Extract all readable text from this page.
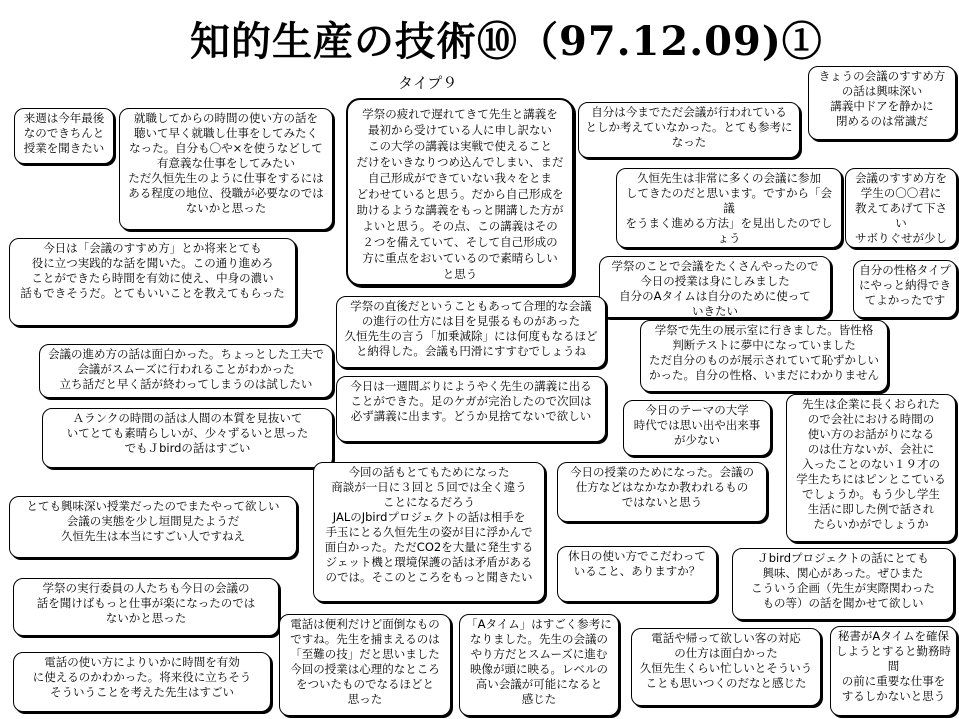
知的生産の技術⑩（97.12.09)①
タイプ９
来週は今年最後
なのできちんと
授業を聞きたい
就職してからの時間の使い方の話を
聴いて早く就職し仕事をしてみたく
なった。自分も〇や×を使うなどして
有意義な仕事をしてみたい
ただ久恒先生のように仕事をするには
ある程度の地位、役職が必要なのでは
ないかと思った
学祭の疲れで遅れてきて先生と講義を
最初から受けている人に申し訳ない
この大学の講義は実戦で使えること
だけをいきなりつめ込んでしまい、まだ
自己形成ができていない我々をとま
どわせていると思う。だから自己形成を
助けるような講義をもっと開講した方が
よいと思う。その点、この講義はその
２つを備えていて、そして自己形成の
方に重点をおいているので素晴らしい
と思う
自分は今までただ会議が行われている
としか考えていなかった。とても参考に
なった
きょうの会議のすすめ方
の話は興味深い
講義中ドアを静かに
閉めるのは常識だ
久恒先生は非常に多くの会議に参加
してきたのだと思います。ですから「会議
をうまく進める方法」を見出したのでしょう

会議のすすめ方を
学生の〇〇君に
教えてあげて下さい
サボりぐせが少し

今日は「会議のすすめ方」とか将来とても
役に立つ実践的な話を聞いた。この通り進めろ
ことができたら時間を有効に使え、中身の濃い
話もできそうだ。とてもいいことを教えてもらった
学祭のことで会議をたくさんやったので
今日の授業は身にしみました
自分のAタイムは自分のために使って
いきたい
自分の性格タイプ
にやっと納得でき
てよかったです
学祭の直後だということもあって合理的な会議
の進行の仕方には目を見張るものがあった
久恒先生の言う「加乗減除」には何度もなるほど
と納得した。会議も円滑にすすむでしょうね
学祭で先生の展示室に行きました。皆性格
判断テストに夢中になっていました
ただ自分のものが展示されていて恥ずかしい
かった。自分の性格、いまだにわかりません
会議の進め方の話は面白かった。ちょっとした工夫で
会議がスムーズに行われることがわかった
立ち話だと早く話が終わってしまうのは試したい	今日は一週間ぶりにようやく先生の講義に出る
ことができた。足のケガが完治したので次回は
必ず講義に出ます。どうか見捨てないで欲しい
Ａランクの時間の話は人間の本質を見抜いて
いてとても素晴らしいが、少々ずるいと思った
でもＪbirdの話はすごい
今日のテーマの大学
時代では思い出や出来事
が少ない
先生は企業に長くおられた
ので会社における時間の
使い方のお話がりになる
のは仕方ないが、会社に
入ったことのない１９才の
学生たちにはピンとこている
でしょうか。もう少し学生
生活に即した例で話され
たらいかがでしょうか
今回の話もとてもためになった
商談が一日に３回と５回では全く違う
ことになるだろう
JALのJbirdプロジェクトの話は相手を
手玉にとる久恒先生の姿が目に浮かんで
面白かった。ただCO2を大量に発生する
ジェット機と環境保護の話は矛盾がある
のでは。そこのところをもっと聞きたい
今日の授業のためになった。会議の
仕方などはなかなか教われるもの
ではないと思う
とても興味深い授業だったのでまたやって欲しい
会議の実態を少し垣間見たようだ
久恒先生は本当にすごい人ですねえ
休日の使い方でこだわって
いること、ありますか？
Ｊbirdプロジェクトの話にとても
興味、関心があった。ぜひまた
こういう企画（先生が実際関わった
もの等）の話を聞かせて欲しい
学祭の実行委員の人たちも今日の会議の
話を聞けばもっと仕事が楽になったのでは
ないかと思った	電話は便利だけど面倒なもの
ですね。先生を捕まえるのは
「至難の技」だと思いました
今回の授業は心理的なところ
をついたものでなるほどと
思った
「Aタイム」はすごく参考に
なりました。先生の会議の
やり方だとスムーズに進む
映像が頭に映る。レベルの
高い会議が可能になると
感じた
電話や帰って欲しい客の対応
の仕方は面白かった
久恒先生くらい忙しいとそういう
ことも思いつくのだなと感じた
秘書がAタイムを確保
しようとすると勤務時間
の前に重要な仕事を
するしかないと思う
電話の使い方によりいかに時間を有効
に使えるのかわかった。将来役に立ちそう
そういうことを考えた先生はすごい
